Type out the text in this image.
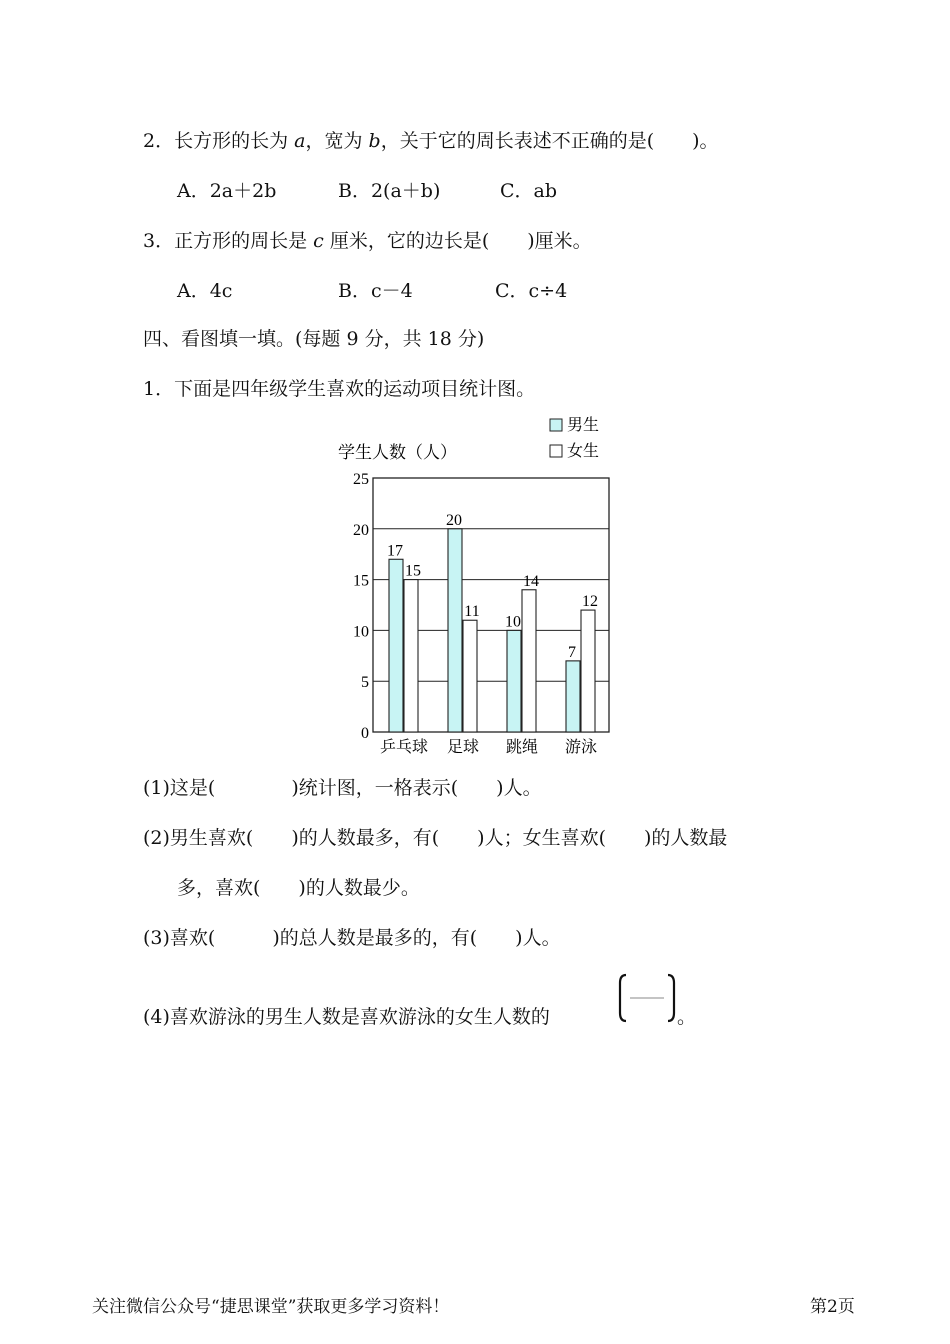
2．长方形的长为 a，宽为 b，关于它的周长表述不正确的是(　　)。
A．2a＋2b	B．2(a＋b)	C．ab
3．正方形的周长是 c 厘米，它的边长是(　　)厘米。
A．4c	B．c－4	C．c÷4
四、看图填一填。(每题 9 分，共 18 分)
1．下面是四年级学生喜欢的运动项目统计图。
0
5
10
15
20
25
17
15
乒乓球
20
11
足球
10
14
跳绳
7
12
游泳
学生人数（人）
男生
女生
(1)这是(　　　　)统计图，一格表示(　　)人。
(2)男生喜欢(　　)的人数最多，有(　　)人；女生喜欢(　　)的人数最
多，喜欢(　　)的人数最少。
(3)喜欢(　　　)的总人数是最多的，有(　　)人。
(4)喜欢游泳的男生人数是喜欢游泳的女生人数的	。
关注微信公众号“捷思课堂”获取更多学习资料！	第2页
